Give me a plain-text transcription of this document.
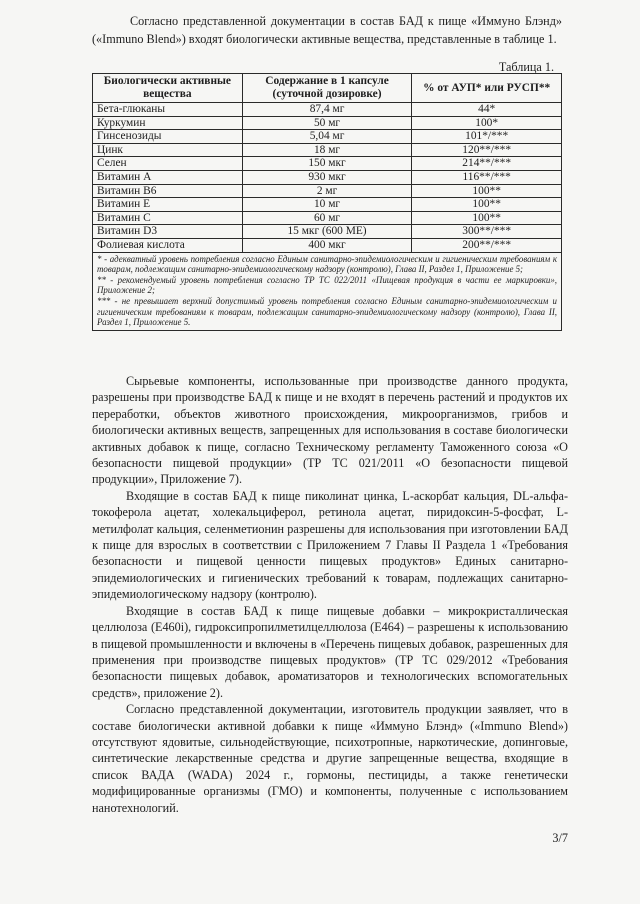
Согласно представленной документации в состав БАД к пище «Иммуно Блэнд» («Immuno Blend») входят биологически активные вещества, представленные в таблице 1.

Таблица 1.

Биологически активные вещества	Содержание в 1 капсуле (суточной дозировке)	% от АУП* или РУСП**
Бета-глюканы	87,4 мг	44*
Куркумин	50 мг	100*
Гинсенозиды	5,04 мг	101*/***
Цинк	18 мг	120**/***
Селен	150 мкг	214**/***
Витамин А	930 мкг	116**/***
Витамин В6	2 мг	100**
Витамин Е	10 мг	100**
Витамин С	60 мг	100**
Витамин D3	15 мкг (600 МЕ)	300**/***
Фолиевая кислота	400 мкг	200**/***

* - адекватный уровень потребления согласно Единым санитарно-эпидемиологическим и гигиеническим требованиям к товарам, подлежащим санитарно-эпидемиологическому надзору (контролю), Глава II, Раздел 1, Приложение 5;

** - рекомендуемый уровень потребления согласно ТР ТС 022/2011 «Пищевая продукция в части ее маркировки», Приложение 2;

*** - не превышает верхний допустимый уровень потребления согласно Единым санитарно-эпидемиологическим и гигиеническим требованиям к товарам, подлежащим санитарно-эпидемиологическому надзору (контролю), Глава II, Раздел 1, Приложение 5.		

Сырьевые компоненты, использованные при производстве данного продукта, разрешены при производстве БАД к пище и не входят в перечень растений и продуктов их переработки, объектов животного происхождения, микроорганизмов, грибов и биологически активных веществ, запрещенных для использования в составе биологически активных добавок к пище, согласно Техническому регламенту Таможенного союза «О безопасности пищевой продукции» (ТР ТС 021/2011 «О безопасности пищевой продукции», Приложение 7).

Входящие в состав БАД к пище пиколинат цинка, L-аскорбат кальция, DL-альфа-токоферола ацетат, холекальциферол, ретинола ацетат, пиридоксин-5-фосфат, L-метилфолат кальция, селенметионин разрешены для использования при изготовлении БАД к пище для взрослых в соответствии с Приложением 7 Главы II Раздела 1 «Требования безопасности и пищевой ценности пищевых продуктов» Единых санитарно-эпидемиологических и гигиенических требований к товарам, подлежащих санитарно-эпидемиологическому надзору (контролю).

Входящие в состав БАД к пище пищевые добавки – микрокристаллическая целлюлоза (Е460i), гидроксипропилметилцеллюлоза (Е464) – разрешены к использованию в пищевой промышленности и включены в «Перечень пищевых добавок, разрешенных для применения при производстве пищевых продуктов» (ТР ТС 029/2012 «Требования безопасности пищевых добавок, ароматизаторов и технологических вспомогательных средств», приложение 2).

Согласно представленной документации, изготовитель продукции заявляет, что в составе биологически активной добавки к пище «Иммуно Блэнд» («Immuno Blend») отсутствуют ядовитые, сильнодействующие, психотропные, наркотические, допинговые, синтетические лекарственные средства и другие запрещенные вещества, входящие в список ВАДА (WADA) 2024 г., гормоны, пестициды, а также генетически модифицированные организмы (ГМО) и компоненты, полученные с использованием нанотехнологий.

3/7
